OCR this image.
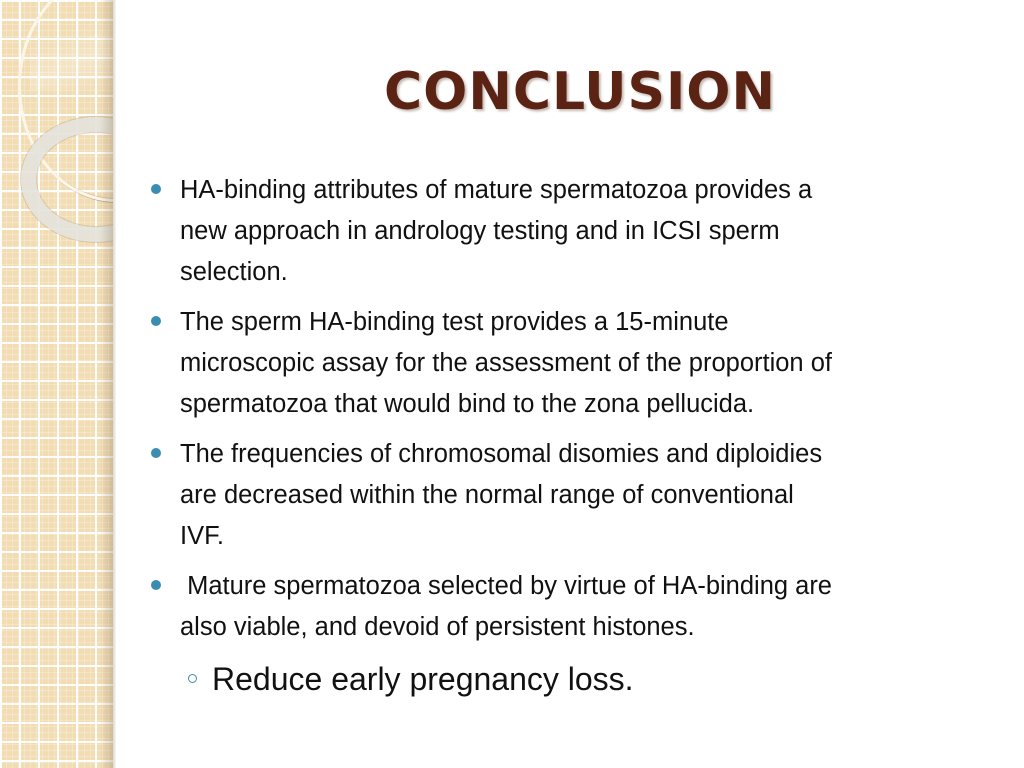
CONCLUSION
HA-binding attributes of mature spermatozoa provides a
new approach in andrology testing and in ICSI sperm
selection.
The sperm HA-binding test provides a 15-minute
microscopic assay for the assessment of the proportion of
spermatozoa that would bind to the zona pellucida.
The frequencies of chromosomal disomies and diploidies
are decreased within the normal range of conventional
IVF.
Mature spermatozoa selected by virtue of HA-binding are
also viable, and devoid of persistent histones.
Reduce early pregnancy loss.
